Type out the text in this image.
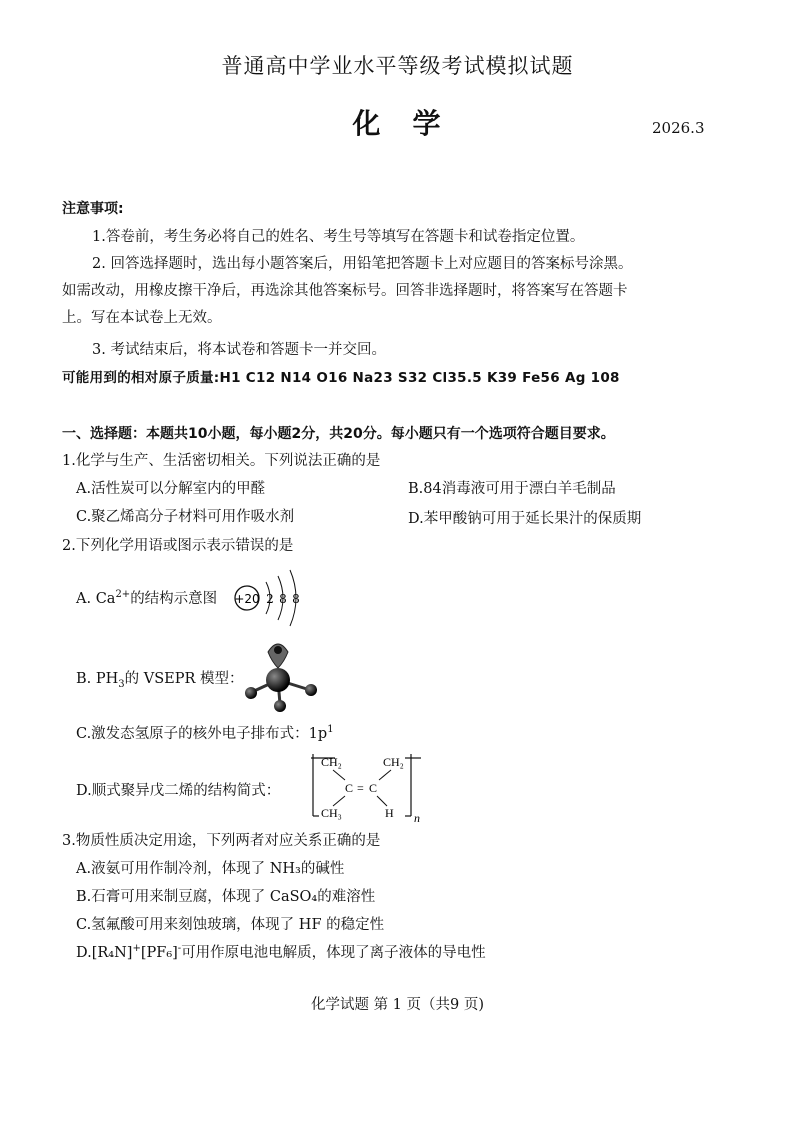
普通高中学业水平等级考试模拟试题
化　学	2026.3
注意事项:
1.答卷前，考生务必将自己的姓名、考生号等填写在答题卡和试卷指定位置。
2. 回答选择题时，选出每小题答案后，用铅笔把答题卡上对应题目的答案标号涂黑。
如需改动，用橡皮擦干净后，再选涂其他答案标号。回答非选择题时，将答案写在答题卡
上。写在本试卷上无效。
3. 考试结束后，将本试卷和答题卡一并交回。
可能用到的相对原子质量:H1 C12 N14 O16 Na23 S32 Cl35.5 K39 Fe56 Ag 108
一、选择题：本题共10小题，每小题2分，共20分。每小题只有一个选项符合题目要求。
1.化学与生产、生活密切相关。下列说法正确的是
A.活性炭可以分解室内的甲醛	B.84消毒液可用于漂白羊毛制品
C.聚乙烯高分子材料可用作吸水剂	D.苯甲酸钠可用于延长果汁的保质期
2.下列化学用语或图示表示错误的是
A. $Ca^{2+}$的结构示意图 +20 2 8 8
B. $PH_3$的 VSEPR 模型：
C.激发态氢原子的核外电子排布式：$1p^1$
D.顺式聚异戊二烯的结构简式：
CH₂	CH₂
C = C
CH₃	H n
3.物质性质决定用途，下列两者对应关系正确的是
A.液氨可用作制冷剂，体现了 NH₃的碱性
B.石膏可用来制豆腐，体现了 CaSO₄的难溶性
C.氢氟酸可用来刻蚀玻璃，体现了 HF 的稳定性
D.[R₄N]+[PF₆]-可用作原电池电解质，体现了离子液体的导电性
化学试题 第 1 页（共9 页)
